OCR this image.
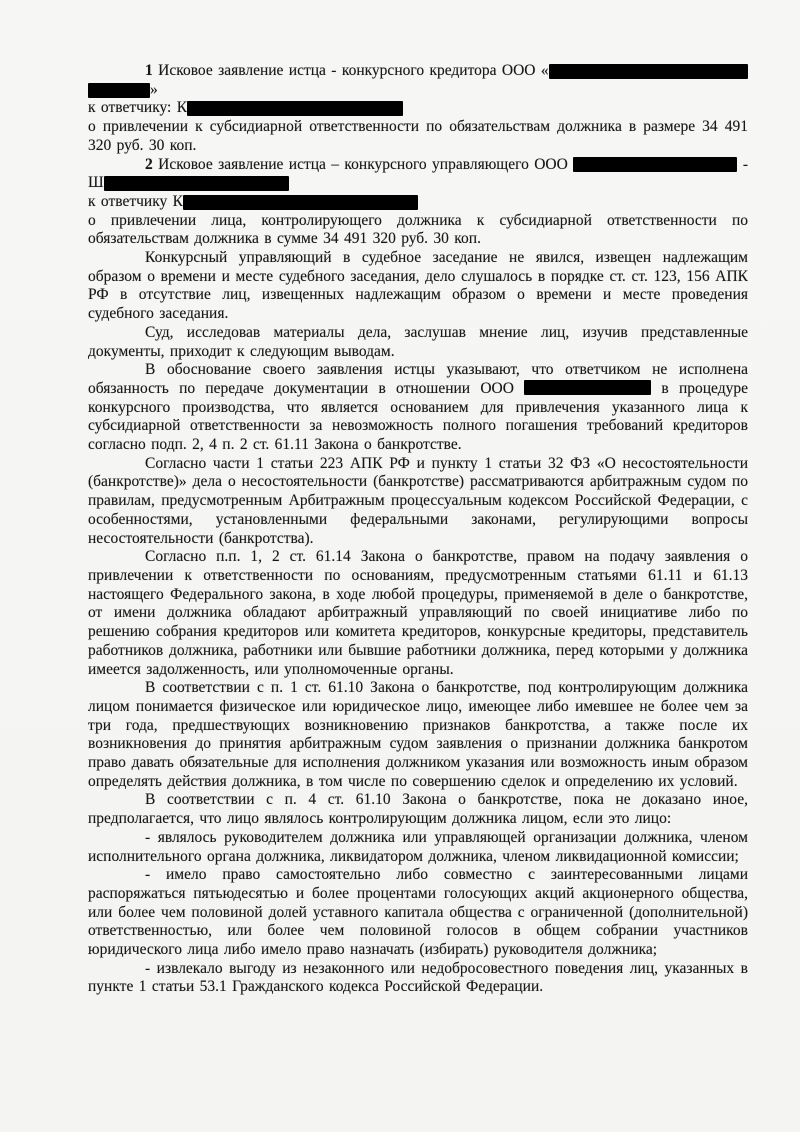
1 Исковое заявление истца - конкурсного кредитора ООО «

»

к ответчику: К

о привлечении к субсидиарной ответственности по обязательствам должника в размере 34 491 320 руб. 30 коп.

2 Исковое заявление истца – конкурсного управляющего ООО	-

Ш

к ответчику К

о привлечении лица, контролирующего должника к субсидиарной ответственности по обязательствам должника в сумме 34 491 320 руб. 30 коп.

Конкурсный управляющий в судебное заседание не явился, извещен надлежащим образом о времени и месте судебного заседания, дело слушалось в порядке ст. ст. 123, 156 АПК РФ в отсутствие лиц, извещенных надлежащим образом о времени и месте проведения судебного заседания.

Суд, исследовав материалы дела, заслушав мнение лиц, изучив представленные документы, приходит к следующим выводам.

В обоснование своего заявления истцы указывают, что ответчиком не исполнена обязанность по передаче документации в отношении ООО	в процедуре конкурсного производства, что является основанием для привлечения указанного лица к субсидиарной ответственности за невозможность полного погашения требований кредиторов согласно подп. 2, 4 п. 2 ст. 61.11 Закона о банкротстве.

Согласно части 1 статьи 223 АПК РФ и пункту 1 статьи 32 ФЗ «О несостоятельности (банкротстве)» дела о несостоятельности (банкротстве) рассматриваются арбитражным судом по правилам, предусмотренным Арбитражным процессуальным кодексом Российской Федерации, с особенностями, установленными федеральными законами, регулирующими вопросы несостоятельности (банкротства).

Согласно п.п. 1, 2 ст. 61.14 Закона о банкротстве, правом на подачу заявления о привлечении к ответственности по основаниям, предусмотренным статьями 61.11 и 61.13 настоящего Федерального закона, в ходе любой процедуры, применяемой в деле о банкротстве, от имени должника обладают арбитражный управляющий по своей инициативе либо по решению собрания кредиторов или комитета кредиторов, конкурсные кредиторы, представитель работников должника, работники или бывшие работники должника, перед которыми у должника имеется задолженность, или уполномоченные органы.

В соответствии с п. 1 ст. 61.10 Закона о банкротстве, под контролирующим должника лицом понимается физическое или юридическое лицо, имеющее либо имевшее не более чем за три года, предшествующих возникновению признаков банкротства, а также после их возникновения до принятия арбитражным судом заявления о признании должника банкротом право давать обязательные для исполнения должником указания или возможность иным образом определять действия должника, в том числе по совершению сделок и определению их условий.

В соответствии с п. 4 ст. 61.10 Закона о банкротстве, пока не доказано иное, предполагается, что лицо являлось контролирующим должника лицом, если это лицо:

- являлось руководителем должника или управляющей организации должника, членом исполнительного органа должника, ликвидатором должника, членом ликвидационной комиссии;

- имело право самостоятельно либо совместно с заинтересованными лицами распоряжаться пятьюдесятью и более процентами голосующих акций акционерного общества, или более чем половиной долей уставного капитала общества с ограниченной (дополнительной) ответственностью, или более чем половиной голосов в общем собрании участников юридического лица либо имело право назначать (избирать) руководителя должника;

- извлекало выгоду из незаконного или недобросовестного поведения лиц, указанных в пункте 1 статьи 53.1 Гражданского кодекса Российской Федерации.
